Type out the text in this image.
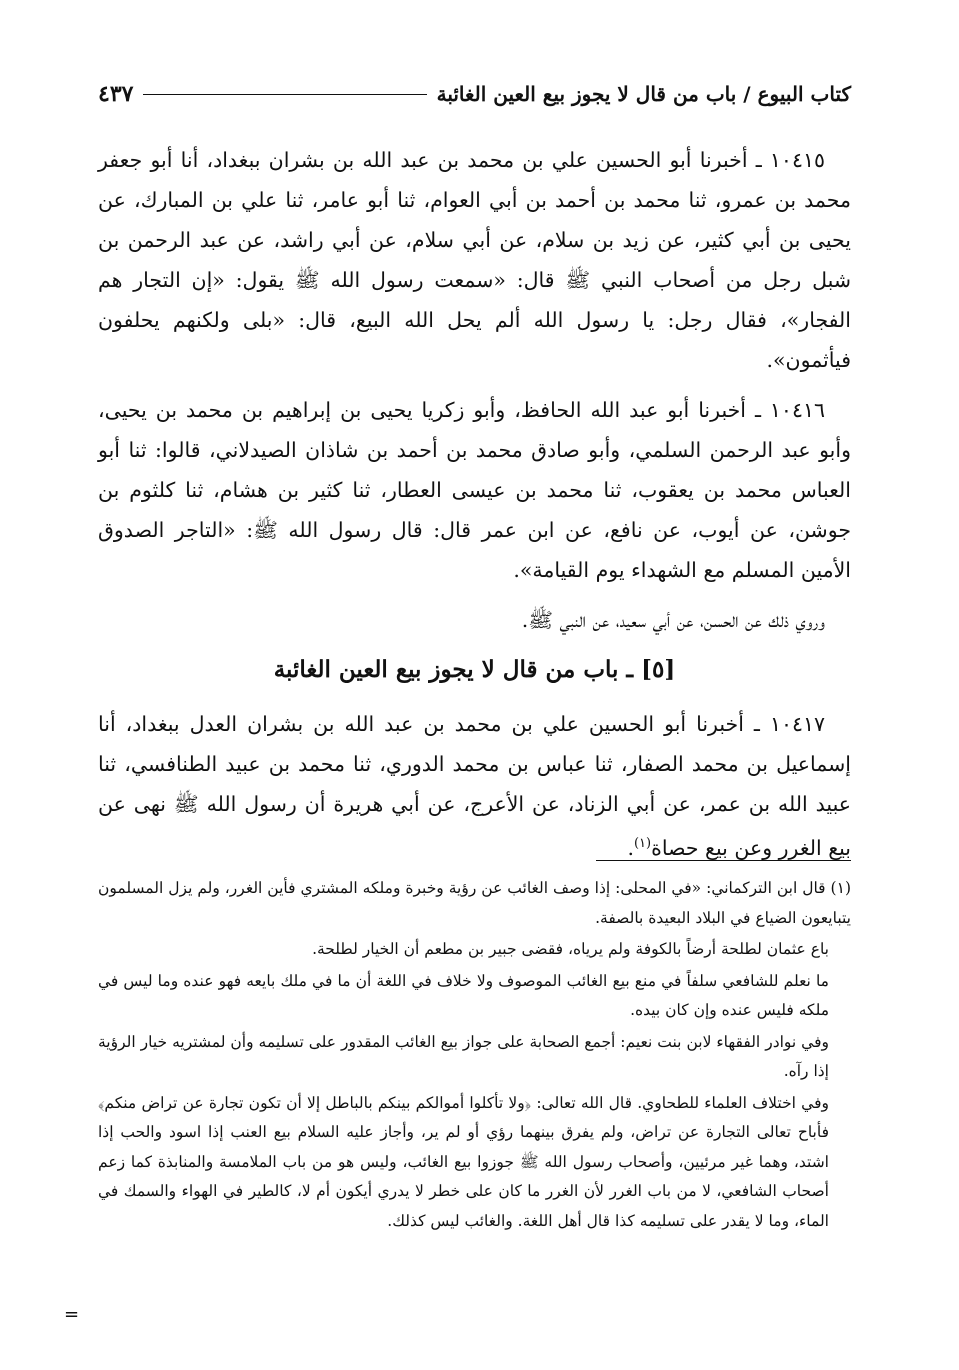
كتاب البيوع / باب من قال لا يجوز بيع العين الغائبة
٤٣٧

١٠٤١٥ ـ أخبرنا أبو الحسين علي بن محمد بن عبد الله بن بشران ببغداد، أنا أبو جعفر محمد بن عمرو، ثنا محمد بن أحمد بن أبي العوام، ثنا أبو عامر، ثنا علي بن المبارك، عن يحيى بن أبي كثير، عن زيد بن سلام، عن أبي سلام، عن أبي راشد، عن عبد الرحمن بن شبل رجل من أصحاب النبي ﷺ قال: «سمعت رسول الله ﷺ يقول: «إن التجار هم الفجار»، فقال رجل: يا رسول الله ألم يحل الله البيع، قال: «بلى ولكنهم يحلفون فيأثمون».

١٠٤١٦ ـ أخبرنا أبو عبد الله الحافظ، وأبو زكريا يحيى بن إبراهيم بن محمد بن يحيى، وأبو عبد الرحمن السلمي، وأبو صادق محمد بن أحمد بن شاذان الصيدلاني، قالوا: ثنا أبو العباس محمد بن يعقوب، ثنا محمد بن عيسى العطار، ثنا كثير بن هشام، ثنا كلثوم بن جوشن، عن أيوب، عن نافع، عن ابن عمر قال: قال رسول الله ﷺ: «التاجر الصدوق الأمين المسلم مع الشهداء يوم القيامة».

وروي ذلك عن الحسن، عن أبي سعيد، عن النبي ﷺ.

[٥] ـ باب من قال لا يجوز بيع العين الغائبة

١٠٤١٧ ـ أخبرنا أبو الحسين علي بن محمد بن عبد الله بن بشران العدل ببغداد، أنا إسماعيل بن محمد الصفار، ثنا عباس بن محمد الدوري، ثنا محمد بن عبيد الطنافسي، ثنا عبيد الله بن عمر، عن أبي الزناد، عن الأعرج، عن أبي هريرة أن رسول الله ﷺ نهى عن بيع الغرر وعن بيع حصاة$^{(١)}$.

(١) قال ابن التركماني: «في المحلى: إذا وصف الغائب عن رؤية وخبرة وملكه المشتري فأين الغرر، ولم يزل المسلمون يتبايعون الضياع في البلاد البعيدة بالصفة.

باع عثمان لطلحة أرضاً بالكوفة ولم يرياه، فقضى جبير بن مطعم أن الخيار لطلحة.

ما نعلم للشافعي سلفاً في منع بيع الغائب الموصوف ولا خلاف في اللغة أن ما في ملك بايعه فهو عنده وما ليس في ملكه فليس عنده وإن كان بيده.

وفي نوادر الفقهاء لابن بنت نعيم: أجمع الصحابة على جواز بيع الغائب المقدور على تسليمه وأن لمشتريه خيار الرؤية إذا رآه.

وفي اختلاف العلماء للطحاوي. قال الله تعالى: ﴿ولا تأكلوا أموالكم بينكم بالباطل إلا أن تكون تجارة عن تراض منكم﴾ فأباح تعالى التجارة عن تراض، ولم يفرق بينهما رؤي أو لم ير، وأجاز عليه السلام بيع العنب إذا اسود والحب إذا اشتد، وهما غير مرئيين، وأصحاب رسول الله ﷺ جوزوا بيع الغائب، وليس هو من باب الملامسة والمنابذة كما زعم أصحاب الشافعي، لا من باب الغرر لأن الغرر ما كان على خطر لا يدري أيكون أم لا، كالطير في الهواء والسمك في الماء، وما لا يقدر على تسليمه كذا قال أهل اللغة. والغائب ليس كذلك.

=
